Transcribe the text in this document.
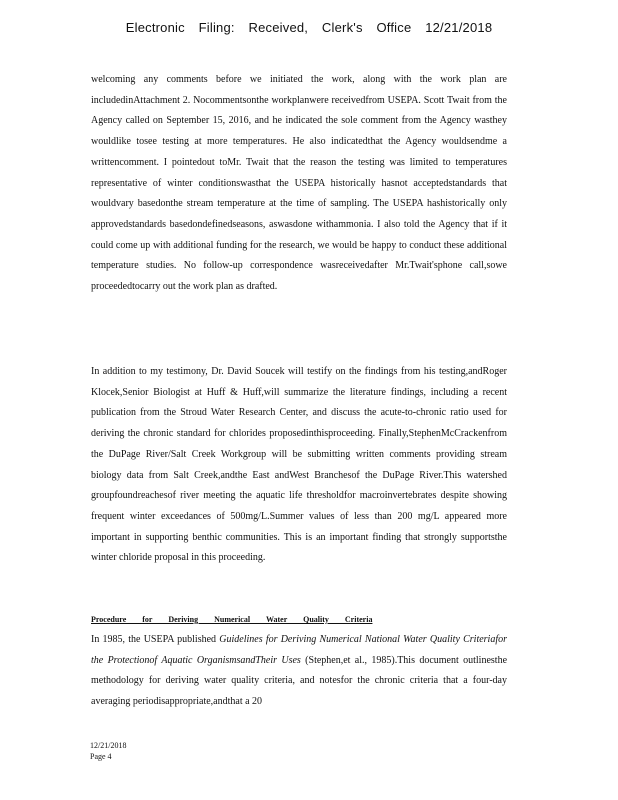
Electronic Filing: Received, Clerk's Office 12/21/2018

welcoming any comments before we initiated the work, along with the work plan are includedinAttachment 2. Nocommentsonthe workplanwere receivedfrom USEPA. Scott Twait from the Agency called on September 15, 2016, and he indicated the sole comment from the Agency wasthey wouldlike tosee testing at more temperatures. He also indicatedthat the Agency wouldsendme a writtencomment. I pointedout toMr. Twait that the reason the testing was limited to temperatures representative of winter conditionswasthat the USEPA historically hasnot acceptedstandards that wouldvary basedonthe stream temperature at the time of sampling. The USEPA hashistorically only approvedstandards basedondefinedseasons, aswasdone withammonia. I also told the Agency that if it could come up with additional funding for the research, we would be happy to conduct these additional temperature studies. No follow-up correspondence wasreceivedafter Mr.Twait'sphone call,sowe proceededtocarry out the work plan as drafted.

In addition to my testimony, Dr. David Soucek will testify on the findings from his testing,andRoger Klocek,Senior Biologist at Huff & Huff,will summarize the literature findings, including a recent publication from the Stroud Water Research Center, and discuss the acute-to-chronic ratio used for deriving the chronic standard for chlorides proposedinthisproceeding. Finally,StephenMcCrackenfrom the DuPage River/Salt Creek Workgroup will be submitting written comments providing stream biology data from Salt Creek,andthe East andWest Branchesof the DuPage River.This watershed groupfoundreachesof river meeting the aquatic life thresholdfor macroinvertebrates despite showing frequent winter exceedances of 500mg/L.Summer values of less than 200 mg/L appeared more important in supporting benthic communities. This is an important finding that strongly supportsthe winter chloride proposal in this proceeding.

Procedure for Deriving Numerical Water Quality Criteria

In 1985, the USEPA published Guidelines for Deriving Numerical National Water Quality Criteriafor the Protectionof Aquatic OrganismsandTheir Uses (Stephen,et al., 1985).This document outlinesthe methodology for deriving water quality criteria, and notesfor the chronic criteria that a four-day averaging periodisappropriate,andthat a 20

12/21/2018
Page 4
